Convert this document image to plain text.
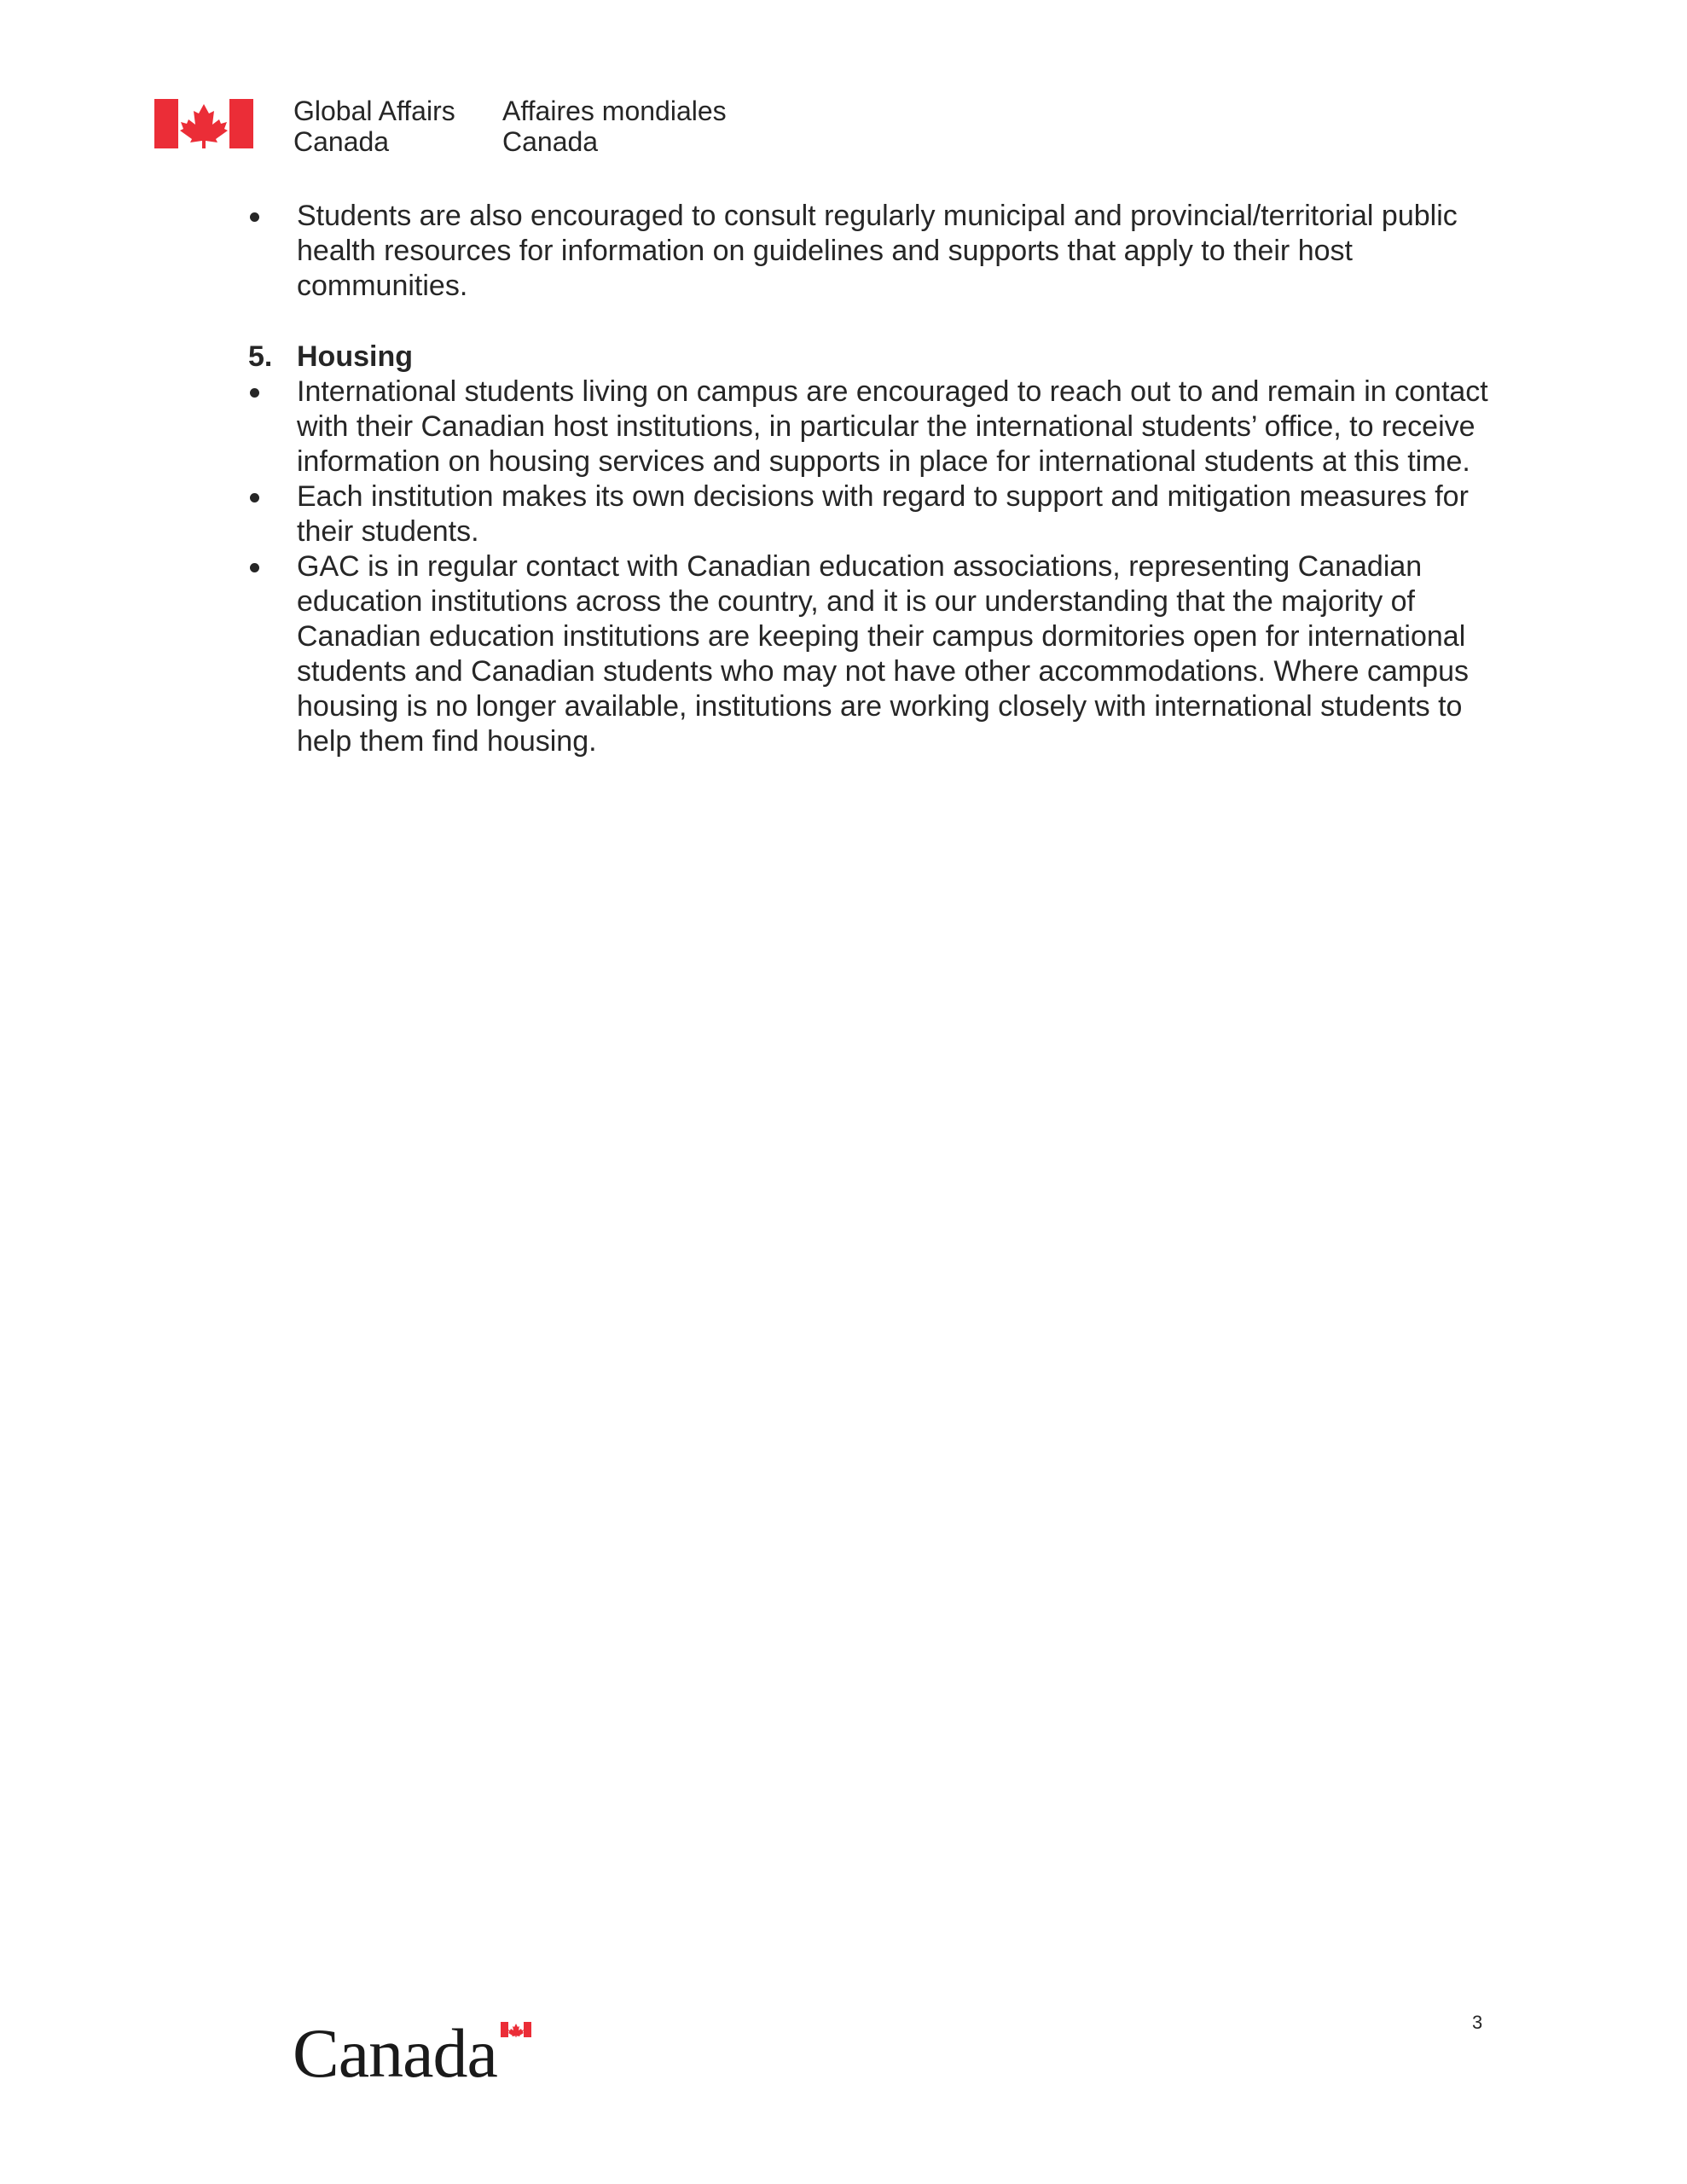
Global Affairs
Canada
Affaires mondiales
Canada
Students are also encouraged to consult regularly municipal and provincial/territorial public health resources for information on guidelines and supports that apply to their host communities.
5. Housing
International students living on campus are encouraged to reach out to and remain in contact with their Canadian host institutions, in particular the international students’ office, to receive information on housing services and supports in place for international students at this time.
Each institution makes its own decisions with regard to support and mitigation measures for their students.
GAC is in regular contact with Canadian education associations, representing Canadian education institutions across the country, and it is our understanding that the majority of Canadian education institutions are keeping their campus dormitories open for international students and Canadian students who may not have other accommodations. Where campus housing is no longer available, institutions are working closely with international students to help them find housing.
Canada	3
